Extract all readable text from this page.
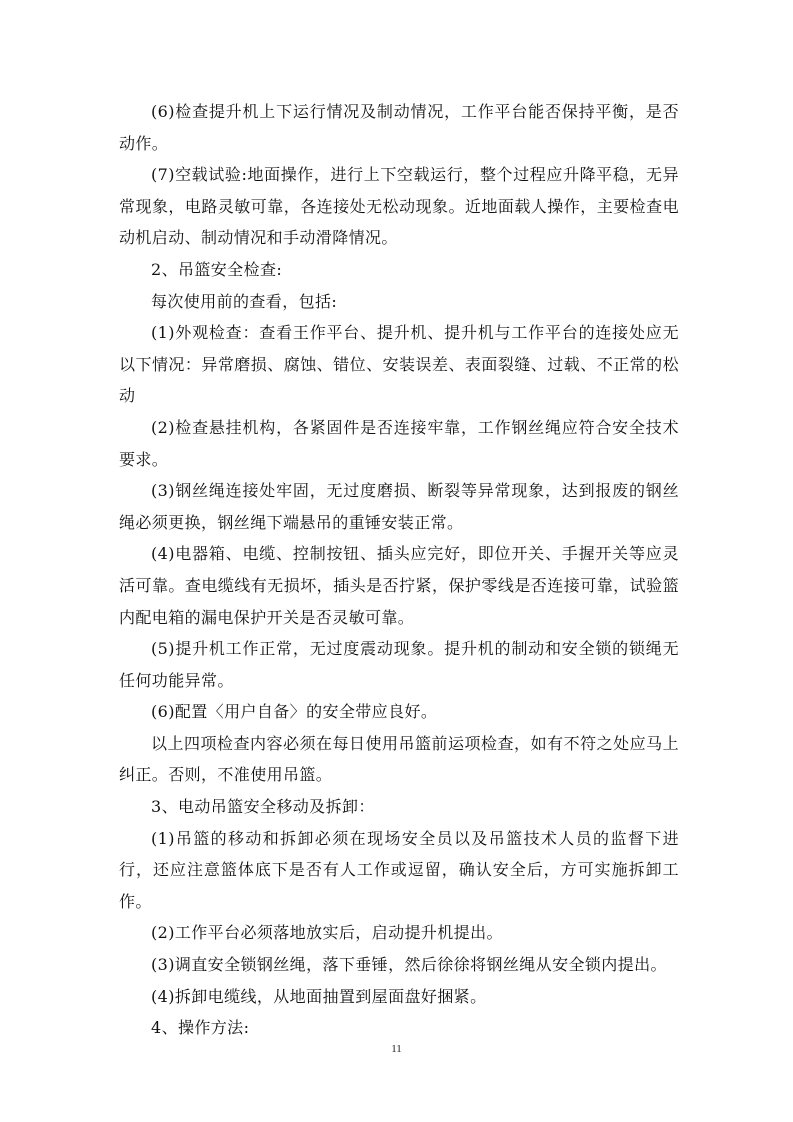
(6)检查提升机上下运行情况及制动情况，工作平台能否保持平衡，是否动作。

(7)空载试验:地面操作，进行上下空载运行，整个过程应升降平稳，无异常现象，电路灵敏可靠，各连接处无松动现象。近地面载人操作，主要检查电动机启动、制动情况和手动滑降情况。

2、吊篮安全检查:

每次使用前的查看，包括:

(1)外观检查：查看王作平台、提升机、提升机与工作平台的连接处应无以下情况：异常磨损、腐蚀、错位、安装误差、表面裂缝、过载、不正常的松动

(2)检查悬挂机构，各紧固件是否连接牢靠，工作钢丝绳应符合安全技术要求。

(3)钢丝绳连接处牢固，无过度磨损、断裂等异常现象，达到报废的钢丝绳必须更换，钢丝绳下端悬吊的重锤安装正常。

(4)电器箱、电缆、控制按钮、插头应完好，即位开关、手握开关等应灵活可靠。查电缆线有无损坏，插头是否拧紧，保护零线是否连接可靠，试验篮内配电箱的漏电保护开关是否灵敏可靠。

(5)提升机工作正常，无过度震动现象。提升机的制动和安全锁的锁绳无任何功能异常。

(6)配置〈用户自备〉的安全带应良好。

以上四项检查内容必须在每日使用吊篮前运项检查，如有不符之处应马上纠正。否则，不准使用吊篮。

3、电动吊篮安全移动及拆卸：

(1)吊篮的移动和拆卸必须在现场安全员以及吊篮技术人员的监督下进行，还应注意篮体底下是否有人工作或逗留，确认安全后，方可实施拆卸工作。

(2)工作平台必须落地放实后，启动提升机提出。

(3)调直安全锁钢丝绳，落下垂锤，然后徐徐将钢丝绳从安全锁内提出。

(4)拆卸电缆线，从地面抽置到屋面盘好捆紧。

4、操作方法:

11
